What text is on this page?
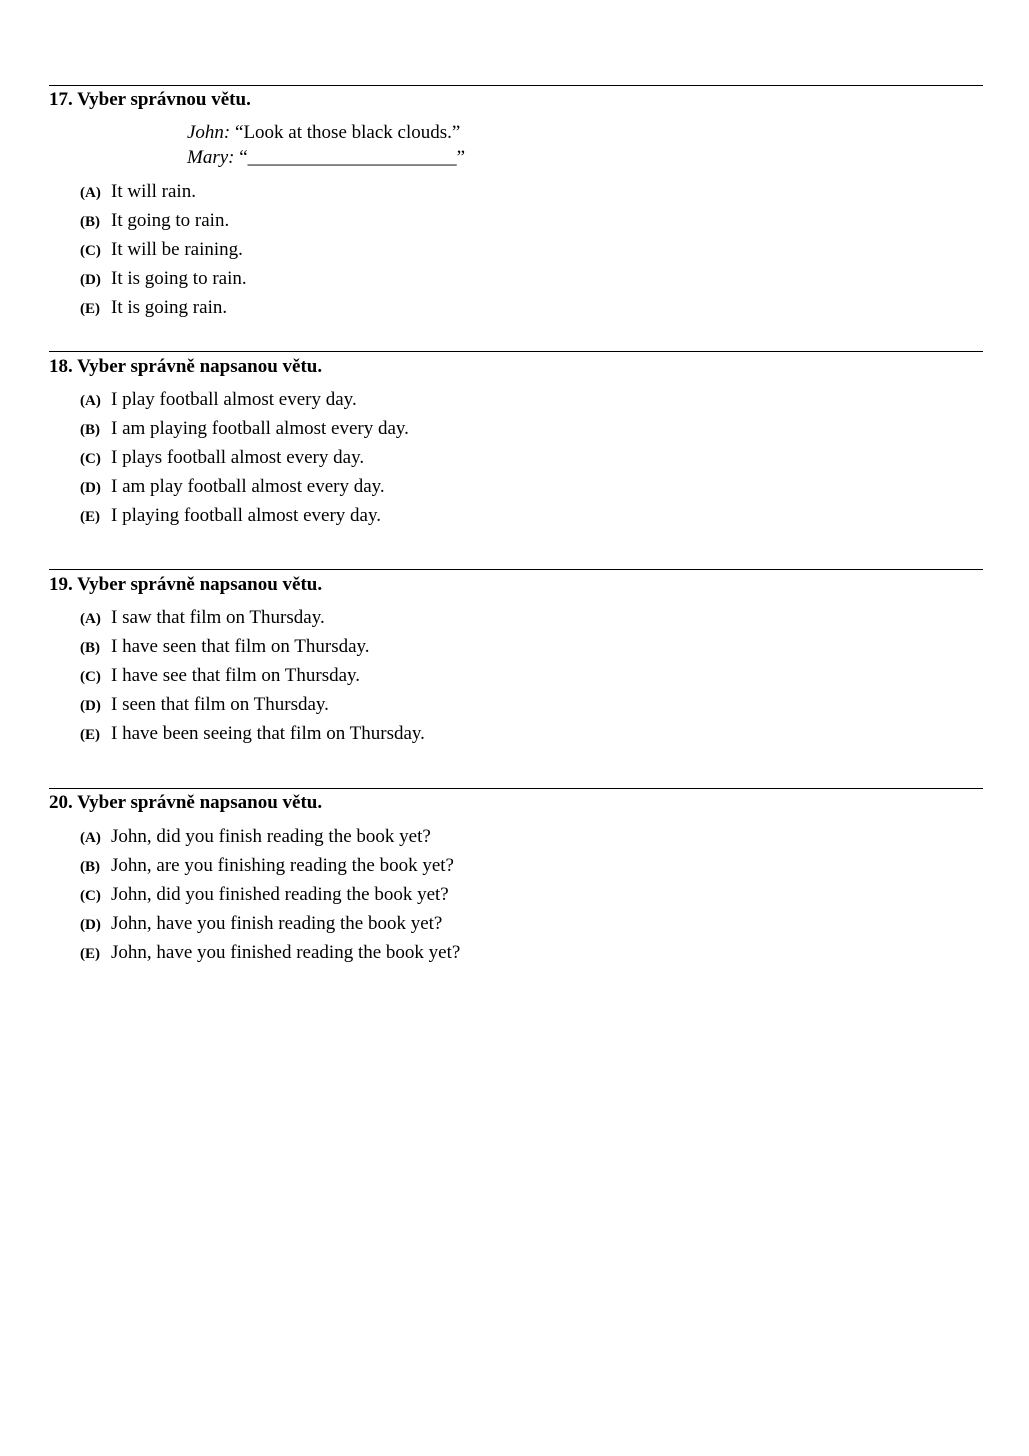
17. Vyber správnou větu.
John: “Look at those black clouds.”
Mary: “______________________”
(A) It will rain.
(B) It going to rain.
(C) It will be raining.
(D) It is going to rain.
(E) It is going rain.
18. Vyber správně napsanou větu.
(A) I play football almost every day.
(B) I am playing football almost every day.
(C) I plays football almost every day.
(D) I am play football almost every day.
(E) I playing football almost every day.
19. Vyber správně napsanou větu.
(A) I saw that film on Thursday.
(B) I have seen that film on Thursday.
(C) I have see that film on Thursday.
(D) I seen that film on Thursday.
(E) I have been seeing that film on Thursday.
20. Vyber správně napsanou větu.
(A) John, did you finish reading the book yet?
(B) John, are you finishing reading the book yet?
(C) John, did you finished reading the book yet?
(D) John, have you finish reading the book yet?
(E) John, have you finished reading the book yet?
